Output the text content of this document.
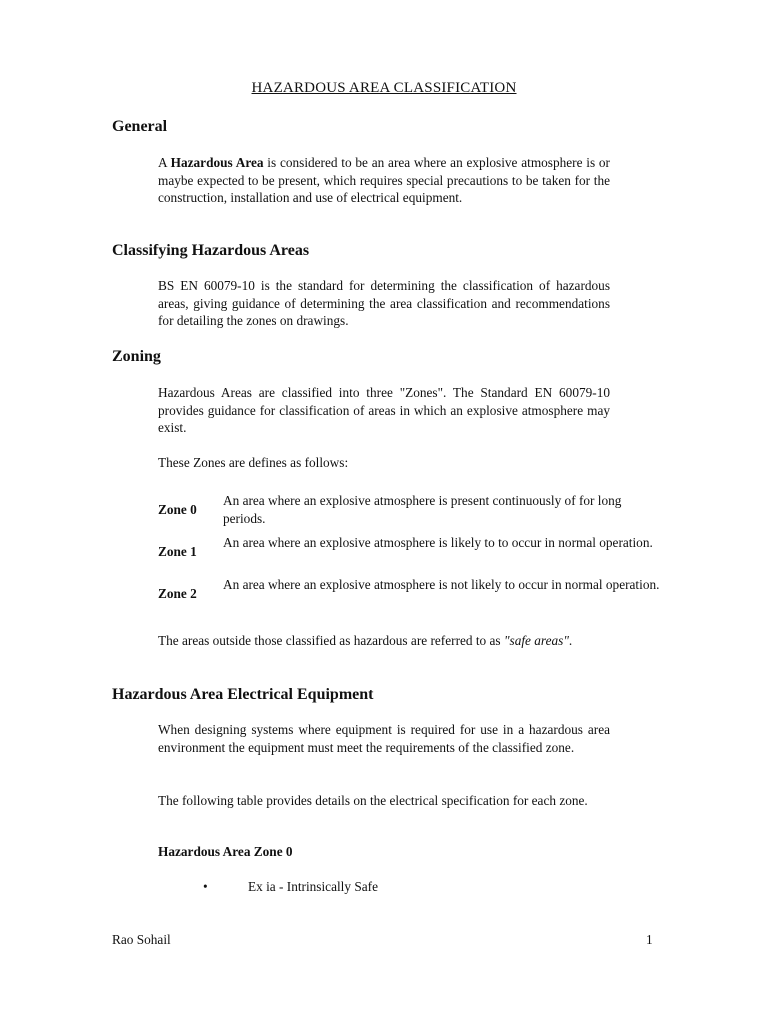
HAZARDOUS AREA CLASSIFICATION
General
A Hazardous Area is considered to be an area where an explosive atmosphere is or maybe expected to be present, which requires special precautions to be taken for the construction, installation and use of electrical equipment.
Classifying Hazardous Areas
BS EN 60079-10 is the standard for determining the classification of hazardous areas, giving guidance of determining the area classification and recommendations for detailing the zones on drawings.
Zoning
Hazardous Areas are classified into three "Zones". The Standard EN 60079-10 provides guidance for classification of areas in which an explosive atmosphere may exist.
These Zones are defines as follows:
Zone 0
An area where an explosive atmosphere is present continuously of for long periods.
Zone 1
An area where an explosive atmosphere is likely to to occur in normal operation.
Zone 2
An area where an explosive atmosphere is not likely to occur in normal operation.
The areas outside those classified as hazardous are referred to as "safe areas".
Hazardous Area Electrical Equipment
When designing systems where equipment is required for use in a hazardous area environment the equipment must meet the requirements of the classified zone.
The following table provides details on the electrical specification for each zone.
Hazardous Area Zone 0
•	Ex ia - Intrinsically Safe
Rao Sohail	1
